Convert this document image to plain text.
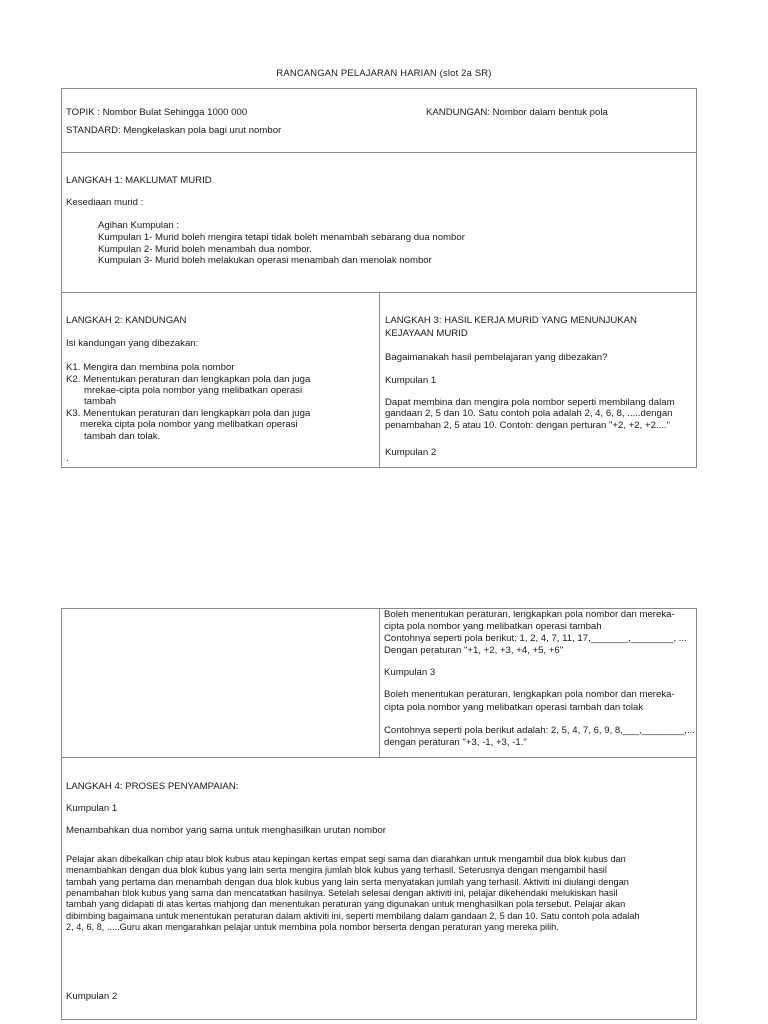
RANCANGAN PELAJARAN HARIAN (slot 2a SR)
TOPIK : Nombor Bulat Sehingga 1000 000	KANDUNGAN: Nombor dalam bentuk pola
STANDARD: Mengkelaskan pola bagi urut nombor
LANGKAH 1: MAKLUMAT MURID
Kesediaan murid :
Agihan Kumpulan :
Kumpulan 1- Murid boleh mengira tetapi tidak boleh menambah sebarang dua nombor
Kumpulan 2- Murid boleh menambah dua nombor.
Kumpulan 3- Murid boleh melakukan operasi menambah dan menolak nombor
LANGKAH 2: KANDUNGAN
Isi kandungan yang dibezakan:
K1. Mengira dan membina pola nombor
K2. Menentukan peraturan dan lengkapkan pola dan juga
mrekae-cipta pola nombor yang melibatkan operasi
tambah
K3. Menentukan peraturan dan lengkapkan pola dan juga
mereka cipta pola nombor yang melibatkan operasi
tambah dan tolak.
.
LANGKAH 3: HASIL KERJA MURID YANG MENUNJUKAN
KEJAYAAN MURID
Bagaimanakah hasil pembelajaran yang dibezakan?
Kumpulan 1
Dapat membina dan mengira pola nombor seperti membilang dalam
gandaan 2, 5 dan 10. Satu contoh pola adalah 2, 4, 6, 8, .....dengan
penambahan 2, 5 atau 10. Contoh: dengan perturan "+2, +2, +2...."
Kumpulan 2
Boleh menentukan peraturan, lengkapkan pola nombor dan mereka-
cipta pola nombor yang melibatkan operasi tambah
Contohnya seperti pola berikut: 1, 2, 4, 7, 11, 17,_______,________, ...
Dengan peraturan "+1, +2, +3, +4, +5, +6"
Kumpulan 3
Boleh menentukan peraturan, lengkapkan pola nombor dan mereka-
cipta pola nombor yang melibatkan operasi tambah dan tolak
Contohnya seperti pola berikut adalah: 2, 5, 4, 7, 6, 9, 8,___,________,...
dengan peraturan "+3, -1, +3, -1."
LANGKAH 4: PROSES PENYAMPAIAN:
Kumpulan 1
Menambahkan dua nombor yang sama untuk menghasilkan urutan nombor
Pelajar akan dibekalkan chip atau blok kubus atau kepingan kertas empat segi sama dan diarahkan untuk mengambil dua blok kubus dan
menambahkan dengan dua blok kubus yang lain serta mengira jumlah blok kubus yang terhasil. Seterusnya dengan mengambil hasil
tambah yang pertama dan menambah dengan dua blok kubus yang lain serta menyatakan jumlah yang terhasil. Aktiviti ini diulangi dengan
penambahan blok kubus yang sama dan mencatatkan hasilnya. Setelah selesai dengan aktiviti ini, pelajar dikehendaki melukiskan hasil
tambah yang didapati di atas kertas mahjong dan menentukan peraturan yang digunakan untuk menghasilkan pola tersebut. Pelajar akan
dibimbing bagaimana untuk menentukan peraturan dalam aktiviti ini, seperti membilang dalam gandaan 2, 5 dan 10. Satu contoh pola adalah
2, 4, 6, 8, .....Guru akan mengarahkan pelajar untuk membina pola nombor berserta dengan peraturan yang mereka pilih.
Kumpulan 2
